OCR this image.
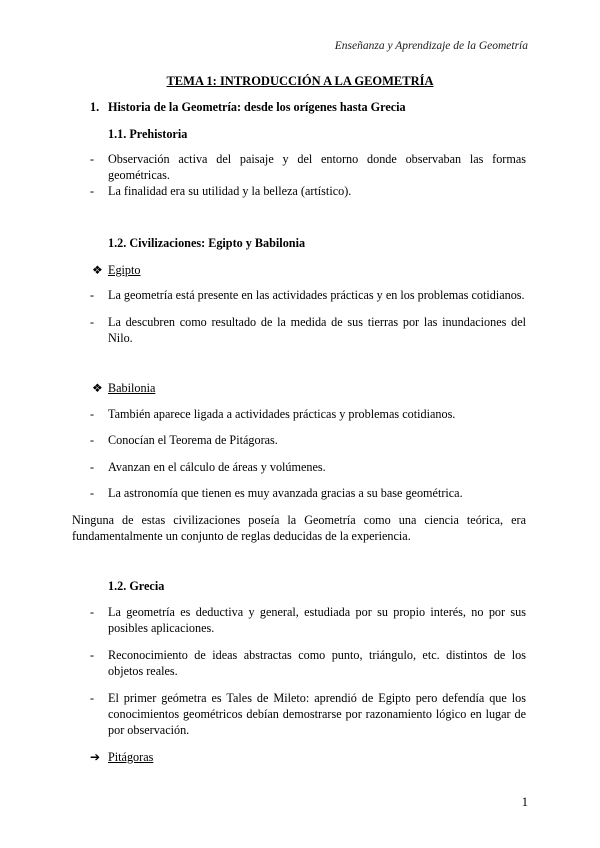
Enseñanza y Aprendizaje de la Geometría
TEMA 1: INTRODUCCIÓN A LA GEOMETRÍA
1. Historia de la Geometría: desde los orígenes hasta Grecia
1.1. Prehistoria
- Observación activa del paisaje y del entorno donde observaban las formas geométricas.
- La finalidad era su utilidad y la belleza (artístico).
1.2. Civilizaciones: Egipto y Babilonia
❖ Egipto
- La geometría está presente en las actividades prácticas y en los problemas cotidianos.
- La descubren como resultado de la medida de sus tierras por las inundaciones del Nilo.
❖ Babilonia
- También aparece ligada a actividades prácticas y problemas cotidianos.
- Conocían el Teorema de Pitágoras.
- Avanzan en el cálculo de áreas y volúmenes.
- La astronomía que tienen es muy avanzada gracias a su base geométrica.
Ninguna de estas civilizaciones poseía la Geometría como una ciencia teórica, era fundamentalmente un conjunto de reglas deducidas de la experiencia.
1.2. Grecia
- La geometría es deductiva y general, estudiada por su propio interés, no por sus posibles aplicaciones.
- Reconocimiento de ideas abstractas como punto, triángulo, etc. distintos de los objetos reales.
- El primer geómetra es Tales de Mileto: aprendió de Egipto pero defendía que los conocimientos geométricos debían demostrarse por razonamiento lógico en lugar de por observación.
➔ Pitágoras
1
